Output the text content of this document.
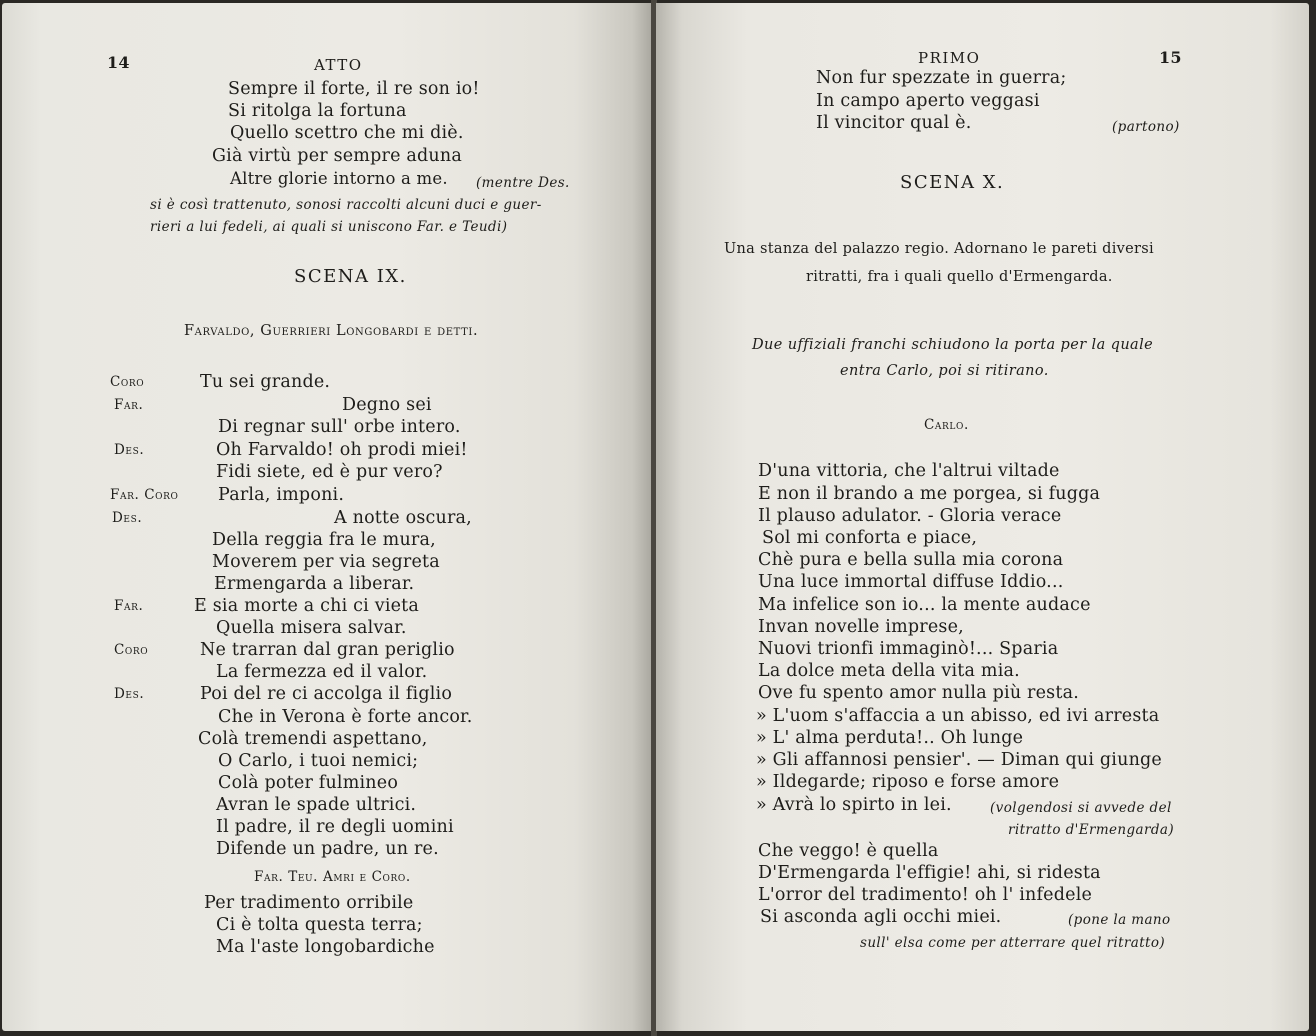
14	ATTO
Sempre il forte, il re son io!
Si ritolga la fortuna
Quello scettro che mi diè.
Già virtù per sempre aduna
Altre glorie intorno a me. (mentre Des.
si è così trattenuto, sonosi raccolti alcuni duci e guer-
rieri a lui fedeli, ai quali si uniscono Far. e Teudi)
SCENA IX.
Farvaldo, Guerrieri Longobardi e detti.
Coro	Tu sei grande.
Far.	Degno sei
Di regnar sull' orbe intero.
Des.	Oh Farvaldo! oh prodi miei!
Fidi siete, ed è pur vero?
Far. Coro Parla, imponi.
Des.	A notte oscura,
Della reggia fra le mura,
Moverem per via segreta
Ermengarda a liberar.
Far.	E sia morte a chi ci vieta
Quella misera salvar.
Coro	Ne trarran dal gran periglio
La fermezza ed il valor.
Des.	Poi del re ci accolga il figlio
Che in Verona è forte ancor.
Colà tremendi aspettano,
O Carlo, i tuoi nemici;
Colà poter fulmineo
Avran le spade ultrici.
Il padre, il re degli uomini
Difende un padre, un re.
Far. Teu. Amri e Coro.
Per tradimento orribile
Ci è tolta questa terra;
Ma l'aste longobardiche
PRIMO	15
Non fur spezzate in guerra;
In campo aperto veggasi
Il vincitor qual è.	(partono)
SCENA X.
Una stanza del palazzo regio. Adornano le pareti diversi
ritratti, fra i quali quello d'Ermengarda.
Due uffiziali franchi schiudono la porta per la quale
entra Carlo, poi si ritirano.
Carlo.
D'una vittoria, che l'altrui viltade
E non il brando a me porgea, si fugga
Il plauso adulator. - Gloria verace
Sol mi conforta e piace,
Chè pura e bella sulla mia corona
Una luce immortal diffuse Iddio...
Ma infelice son io... la mente audace
Invan novelle imprese,
Nuovi trionfi immaginò!... Sparia
La dolce meta della vita mia.
Ove fu spento amor nulla più resta.
» L'uom s'affaccia a un abisso, ed ivi arresta
» L' alma perduta!.. Oh lunge
» Gli affannosi pensier'. — Diman qui giunge
» Ildegarde; riposo e forse amore
» Avrà lo spirto in lei.	(volgendosi si avvede del
ritratto d'Ermengarda)
Che veggo! è quella
D'Ermengarda l'effigie! ahi, si ridesta
L'orror del tradimento! oh l' infedele
Si asconda agli occhi miei.	(pone la mano
sull' elsa come per atterrare quel ritratto)
